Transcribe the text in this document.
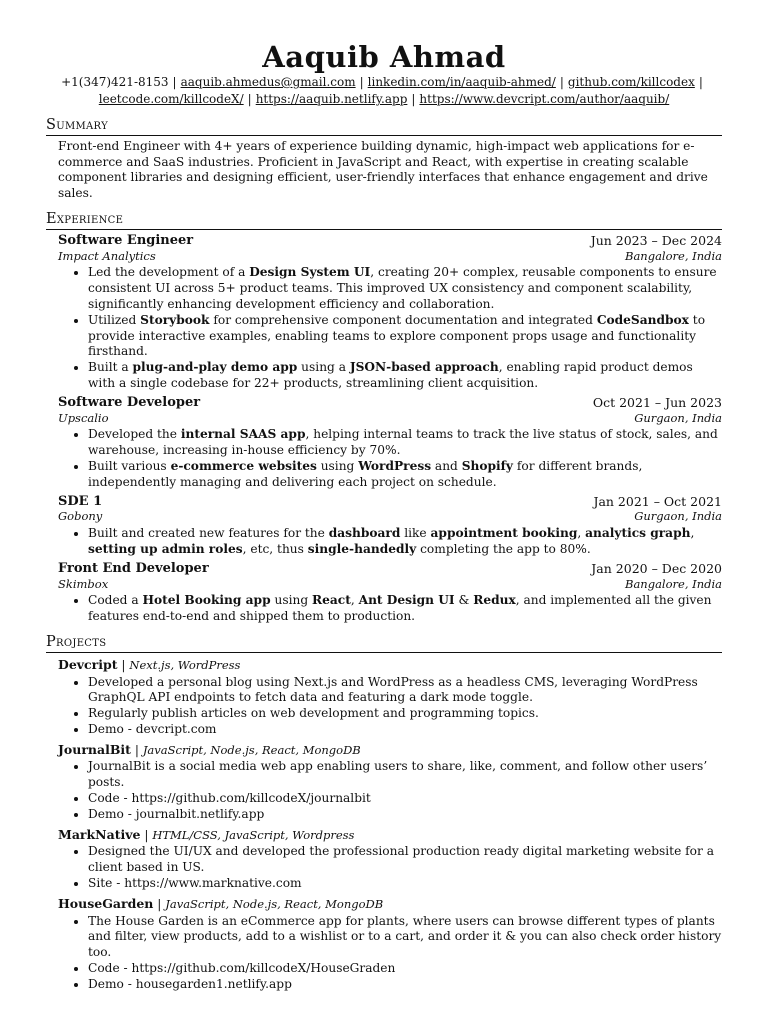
Aaquib Ahmad
+1(347)421-8153 | aaquib.ahmedus@gmail.com | linkedin.com/in/aaquib-ahmed/ | github.com/killcodex |
leetcode.com/killcodeX/ | https://aaquib.netlify.app | https://www.devcript.com/author/aaquib/
Summary
Front-end Engineer with 4+ years of experience building dynamic, high-impact web applications for e-commerce and SaaS industries. Proficient in JavaScript and React, with expertise in creating scalable component libraries and designing efficient, user-friendly interfaces that enhance engagement and drive sales.
Experience
Software Engineer	Jun 2023 – Dec 2024
Impact Analytics	Bangalore, India
• Led the development of a Design System UI, creating 20+ complex, reusable components to ensure consistent UI across 5+ product teams. This improved UX consistency and component scalability, significantly enhancing development efficiency and collaboration.
• Utilized Storybook for comprehensive component documentation and integrated CodeSandbox to provide interactive examples, enabling teams to explore component props usage and functionality firsthand.
• Built a plug-and-play demo app using a JSON-based approach, enabling rapid product demos with a single codebase for 22+ products, streamlining client acquisition.
Software Developer	Oct 2021 – Jun 2023
Upscalio	Gurgaon, India
• Developed the internal SAAS app, helping internal teams to track the live status of stock, sales, and warehouse, increasing in-house efficiency by 70%.
• Built various e-commerce websites using WordPress and Shopify for different brands, independently managing and delivering each project on schedule.
SDE 1	Jan 2021 – Oct 2021
Gobony	Gurgaon, India
• Built and created new features for the dashboard like appointment booking, analytics graph, setting up admin roles, etc, thus single-handedly completing the app to 80%.
Front End Developer	Jan 2020 – Dec 2020
Skimbox	Bangalore, India
• Coded a Hotel Booking app using React, Ant Design UI & Redux, and implemented all the given features end-to-end and shipped them to production.
Projects
Devcript | Next.js, WordPress
• Developed a personal blog using Next.js and WordPress as a headless CMS, leveraging WordPress GraphQL API endpoints to fetch data and featuring a dark mode toggle.
• Regularly publish articles on web development and programming topics.
• Demo - devcript.com
JournalBit | JavaScript, Node.js, React, MongoDB
• JournalBit is a social media web app enabling users to share, like, comment, and follow other users’ posts.
• Code - https://github.com/killcodeX/journalbit
• Demo - journalbit.netlify.app
MarkNative | HTML/CSS, JavaScript, Wordpress
• Designed the UI/UX and developed the professional production ready digital marketing website for a client based in US.
• Site - https://www.marknative.com
HouseGarden | JavaScript, Node.js, React, MongoDB
• The House Garden is an eCommerce app for plants, where users can browse different types of plants and filter, view products, add to a wishlist or to a cart, and order it & you can also check order history too.
• Code - https://github.com/killcodeX/HouseGraden
• Demo - housegarden1.netlify.app
